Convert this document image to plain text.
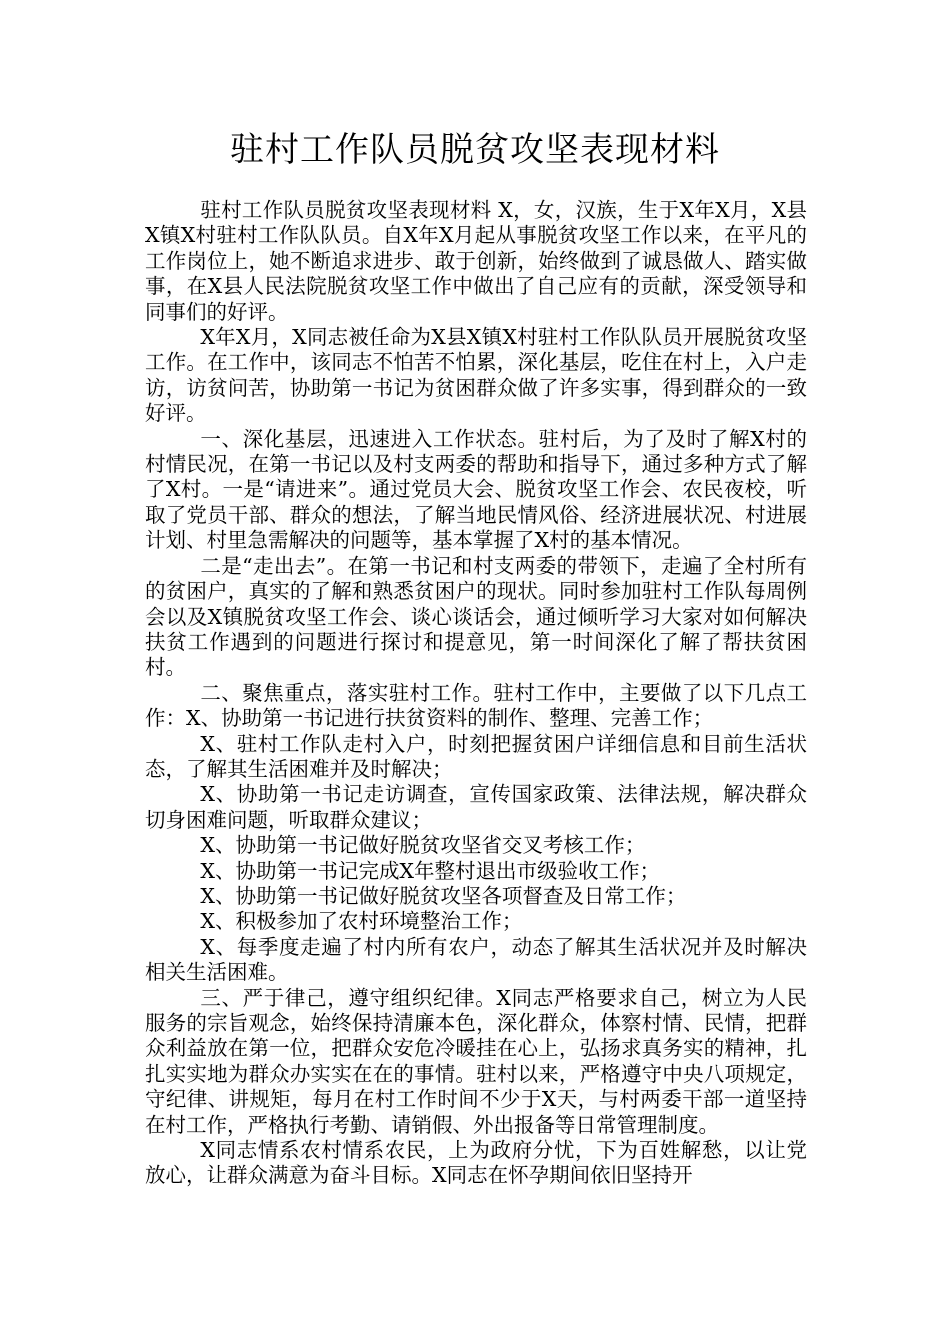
驻村工作队员脱贫攻坚表现材料

驻村工作队员脱贫攻坚表现材料 X，女，汉族，生于X年X月，X县X镇X村驻村工作队队员。自X年X月起从事脱贫攻坚工作以来，在平凡的工作岗位上，她不断追求进步、敢于创新，始终做到了诚恳做人、踏实做事，在X县人民法院脱贫攻坚工作中做出了自己应有的贡献，深受领导和同事们的好评。

X年X月，X同志被任命为X县X镇X村驻村工作队队员开展脱贫攻坚工作。在工作中，该同志不怕苦不怕累，深化基层，吃住在村上，入户走访，访贫问苦，协助第一书记为贫困群众做了许多实事，得到群众的一致好评。

一、深化基层，迅速进入工作状态。驻村后，为了及时了解X村的村情民况，在第一书记以及村支两委的帮助和指导下，通过多种方式了解了X村。一是“请进来”。通过党员大会、脱贫攻坚工作会、农民夜校，听取了党员干部、群众的想法，了解当地民情风俗、经济进展状况、村进展计划、村里急需解决的问题等，基本掌握了X村的基本情况。

二是“走出去”。在第一书记和村支两委的带领下，走遍了全村所有的贫困户，真实的了解和熟悉贫困户的现状。同时参加驻村工作队每周例会以及X镇脱贫攻坚工作会、谈心谈话会，通过倾听学习大家对如何解决扶贫工作遇到的问题进行探讨和提意见，第一时间深化了解了帮扶贫困村。

二、聚焦重点，落实驻村工作。驻村工作中，主要做了以下几点工作：X、协助第一书记进行扶贫资料的制作、整理、完善工作；

X、驻村工作队走村入户，时刻把握贫困户详细信息和目前生活状态，了解其生活困难并及时解决；

X、协助第一书记走访调查，宣传国家政策、法律法规，解决群众切身困难问题，听取群众建议；

X、协助第一书记做好脱贫攻坚省交叉考核工作；

X、协助第一书记完成X年整村退出市级验收工作；

X、协助第一书记做好脱贫攻坚各项督查及日常工作；

X、积极参加了农村环境整治工作；

X、每季度走遍了村内所有农户，动态了解其生活状况并及时解决相关生活困难。

三、严于律己，遵守组织纪律。X同志严格要求自己，树立为人民服务的宗旨观念，始终保持清廉本色，深化群众，体察村情、民情，把群众利益放在第一位，把群众安危冷暖挂在心上，弘扬求真务实的精神，扎扎实实地为群众办实实在在的事情。驻村以来，严格遵守中央八项规定，守纪律、讲规矩，每月在村工作时间不少于X天，与村两委干部一道坚持在村工作，严格执行考勤、请销假、外出报备等日常管理制度。

X同志情系农村情系农民，上为政府分忧，下为百姓解愁，以让党放心，让群众满意为奋斗目标。X同志在怀孕期间依旧坚持开
